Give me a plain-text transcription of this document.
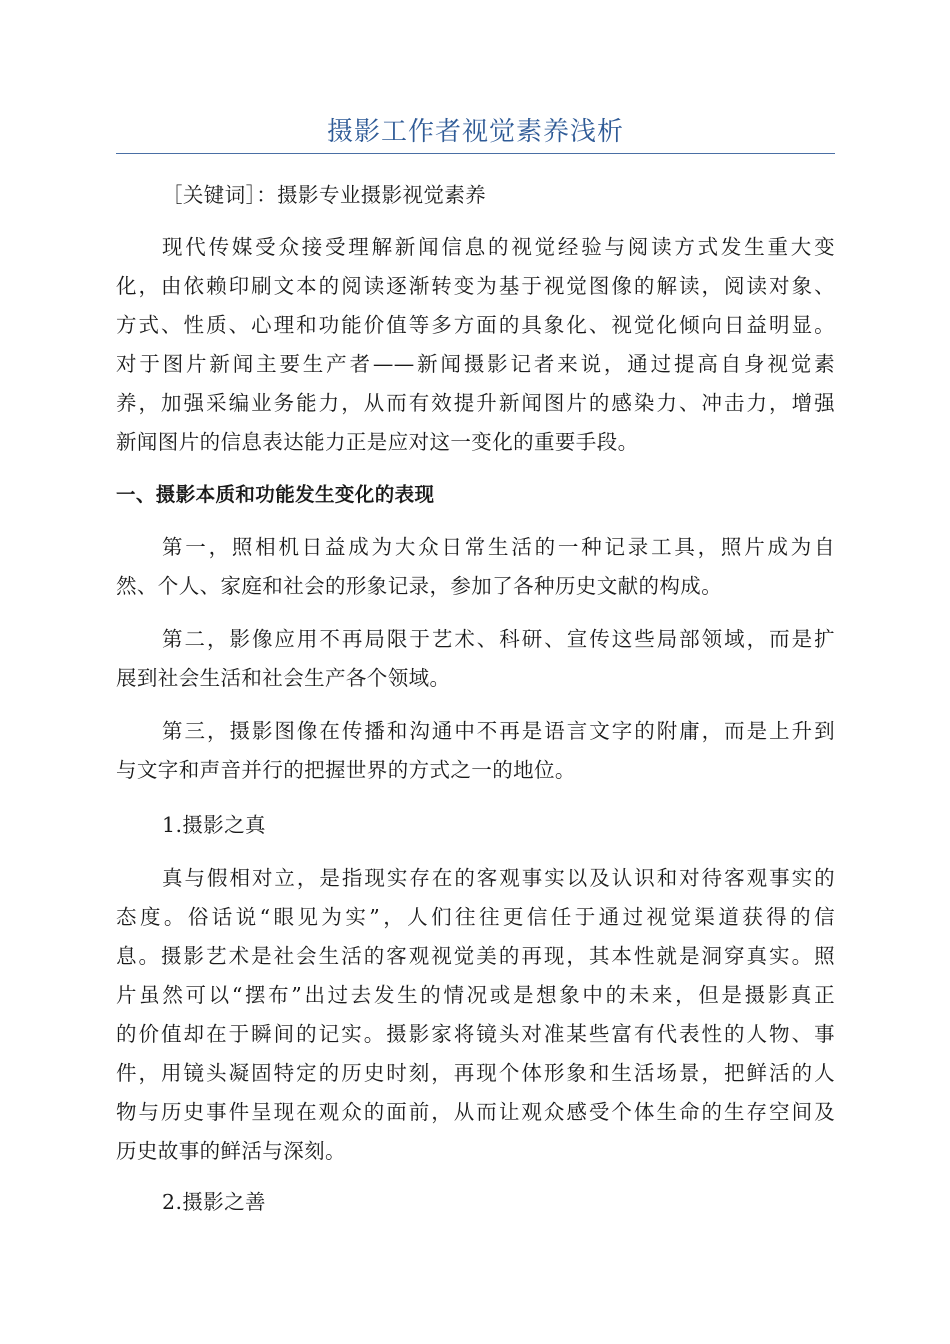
摄影工作者视觉素养浅析
［关键词］：摄影专业摄影视觉素养
现代传媒受众接受理解新闻信息的视觉经验与阅读方式发生重大变
化，由依赖印刷文本的阅读逐渐转变为基于视觉图像的解读，阅读对象、
方式、性质、心理和功能价值等多方面的具象化、视觉化倾向日益明显。
对于图片新闻主要生产者——新闻摄影记者来说，通过提高自身视觉素
养，加强采编业务能力，从而有效提升新闻图片的感染力、冲击力，增强
新闻图片的信息表达能力正是应对这一变化的重要手段。
一、摄影本质和功能发生变化的表现
第一，照相机日益成为大众日常生活的一种记录工具，照片成为自
然、个人、家庭和社会的形象记录，参加了各种历史文献的构成。
第二，影像应用不再局限于艺术、科研、宣传这些局部领域，而是扩
展到社会生活和社会生产各个领域。
第三，摄影图像在传播和沟通中不再是语言文字的附庸，而是上升到
与文字和声音并行的把握世界的方式之一的地位。
1.摄影之真
真与假相对立，是指现实存在的客观事实以及认识和对待客观事实的
态度。俗话说“眼见为实”，人们往往更信任于通过视觉渠道获得的信
息。摄影艺术是社会生活的客观视觉美的再现，其本性就是洞穿真实。照
片虽然可以“摆布”出过去发生的情况或是想象中的未来，但是摄影真正
的价值却在于瞬间的记实。摄影家将镜头对准某些富有代表性的人物、事
件，用镜头凝固特定的历史时刻，再现个体形象和生活场景，把鲜活的人
物与历史事件呈现在观众的面前，从而让观众感受个体生命的生存空间及
历史故事的鲜活与深刻。
2.摄影之善
